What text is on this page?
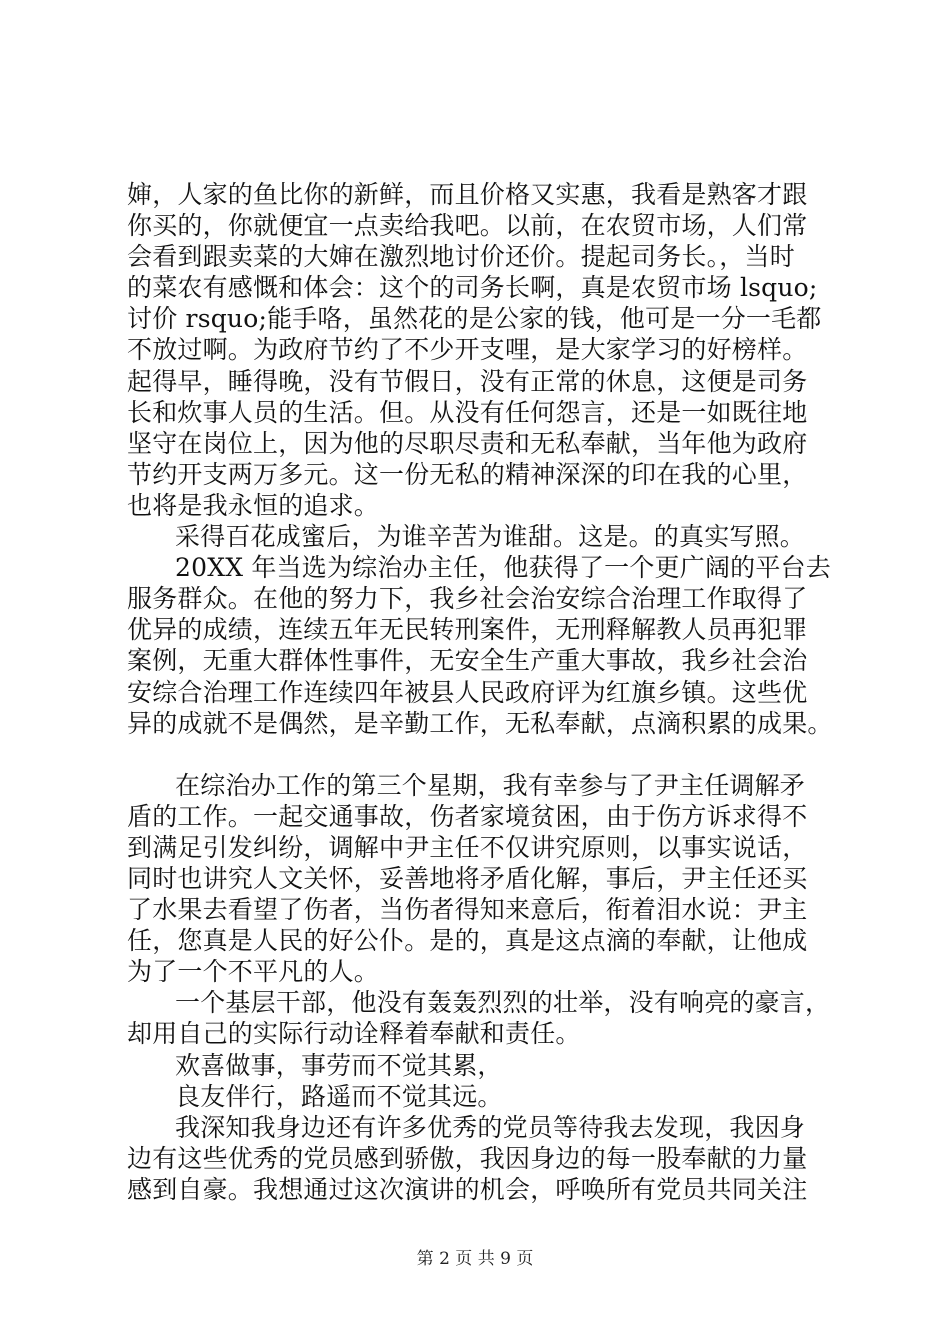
婶，人家的鱼比你的新鲜，而且价格又实惠，我看是熟客才跟
你买的，你就便宜一点卖给我吧。以前，在农贸市场，人们常
会看到跟卖菜的大婶在激烈地讨价还价。提起司务长。，当时
的菜农有感慨和体会：这个的司务长啊，真是农贸市场 lsquo;
讨价 rsquo;能手咯，虽然花的是公家的钱，他可是一分一毛都
不放过啊。为政府节约了不少开支哩，是大家学习的好榜样。
起得早，睡得晚，没有节假日，没有正常的休息，这便是司务
长和炊事人员的生活。但。从没有任何怨言，还是一如既往地
坚守在岗位上，因为他的尽职尽责和无私奉献，当年他为政府
节约开支两万多元。这一份无私的精神深深的印在我的心里，
也将是我永恒的追求。
采得百花成蜜后，为谁辛苦为谁甜。这是。的真实写照。
20XX 年当选为综治办主任，他获得了一个更广阔的平台去
服务群众。在他的努力下，我乡社会治安综合治理工作取得了
优异的成绩，连续五年无民转刑案件，无刑释解教人员再犯罪
案例，无重大群体性事件，无安全生产重大事故，我乡社会治
安综合治理工作连续四年被县人民政府评为红旗乡镇。这些优
异的成就不是偶然，是辛勤工作，无私奉献，点滴积累的成果。
在综治办工作的第三个星期，我有幸参与了尹主任调解矛
盾的工作。一起交通事故，伤者家境贫困，由于伤方诉求得不
到满足引发纠纷，调解中尹主任不仅讲究原则，以事实说话，
同时也讲究人文关怀，妥善地将矛盾化解，事后，尹主任还买
了水果去看望了伤者，当伤者得知来意后，衔着泪水说：尹主
任，您真是人民的好公仆。是的，真是这点滴的奉献，让他成
为了一个不平凡的人。
一个基层干部，他没有轰轰烈烈的壮举，没有响亮的豪言，
却用自己的实际行动诠释着奉献和责任。
欢喜做事，事劳而不觉其累，
良友伴行，路遥而不觉其远。
我深知我身边还有许多优秀的党员等待我去发现，我因身
边有这些优秀的党员感到骄傲，我因身边的每一股奉献的力量
感到自豪。我想通过这次演讲的机会，呼唤所有党员共同关注
第 2 页 共 9 页
